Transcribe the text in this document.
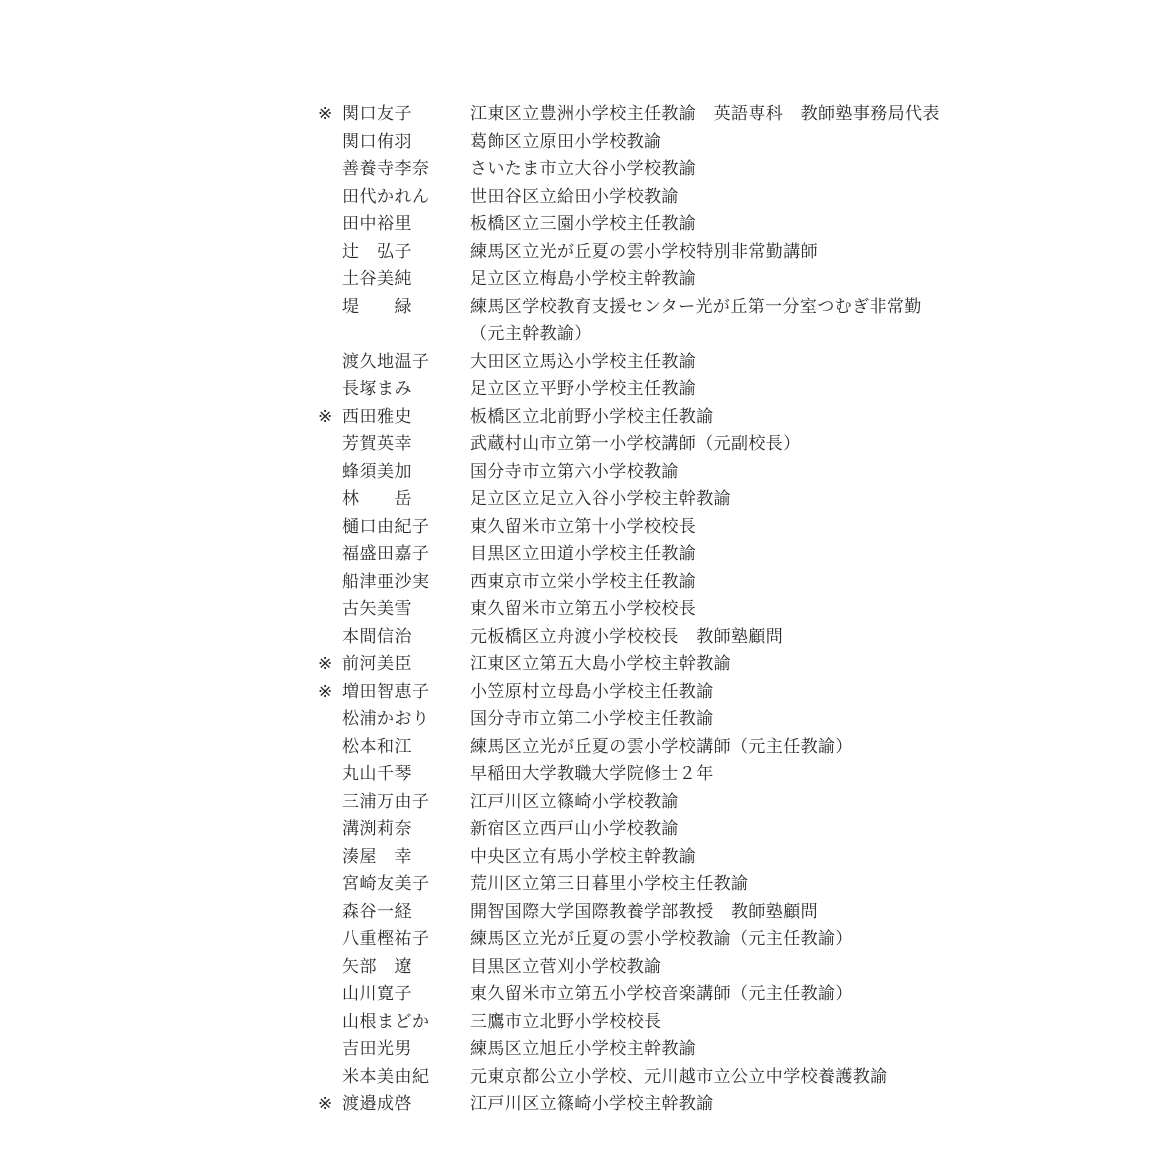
※ 関口友子	江東区立豊洲小学校主任教諭　英語専科　教師塾事務局代表
関口侑羽	葛飾区立原田小学校教諭
善養寺李奈	さいたま市立大谷小学校教諭
田代かれん	世田谷区立給田小学校教諭
田中裕里	板橋区立三園小学校主任教諭
辻　弘子	練馬区立光が丘夏の雲小学校特別非常勤講師
土谷美純	足立区立梅島小学校主幹教諭
堤　　緑	練馬区学校教育支援センター光が丘第一分室つむぎ非常勤
（元主幹教諭）
渡久地温子	大田区立馬込小学校主任教諭
長塚まみ	足立区立平野小学校主任教諭
※ 西田雅史	板橋区立北前野小学校主任教諭
芳賀英幸	武蔵村山市立第一小学校講師（元副校長）
蜂須美加	国分寺市立第六小学校教諭
林　　岳	足立区立足立入谷小学校主幹教諭
樋口由紀子	東久留米市立第十小学校校長
福盛田嘉子	目黒区立田道小学校主任教諭
船津亜沙実	西東京市立栄小学校主任教諭
古矢美雪	東久留米市立第五小学校校長
本間信治	元板橋区立舟渡小学校校長　教師塾顧問
※ 前河美臣	江東区立第五大島小学校主幹教諭
※ 増田智恵子	小笠原村立母島小学校主任教諭
松浦かおり	国分寺市立第二小学校主任教諭
松本和江	練馬区立光が丘夏の雲小学校講師（元主任教諭）
丸山千琴	早稲田大学教職大学院修士２年
三浦万由子	江戸川区立篠崎小学校教諭
溝渕莉奈	新宿区立西戸山小学校教諭
湊屋　幸	中央区立有馬小学校主幹教諭
宮崎友美子	荒川区立第三日暮里小学校主任教諭
森谷一経	開智国際大学国際教養学部教授　教師塾顧問
八重樫祐子	練馬区立光が丘夏の雲小学校教諭（元主任教諭）
矢部　遼	目黒区立菅刈小学校教諭
山川寛子	東久留米市立第五小学校音楽講師（元主任教諭）
山根まどか	三鷹市立北野小学校校長
吉田光男	練馬区立旭丘小学校主幹教諭
米本美由紀	元東京都公立小学校、元川越市立公立中学校養護教諭
※ 渡邉成啓	江戸川区立篠崎小学校主幹教諭
